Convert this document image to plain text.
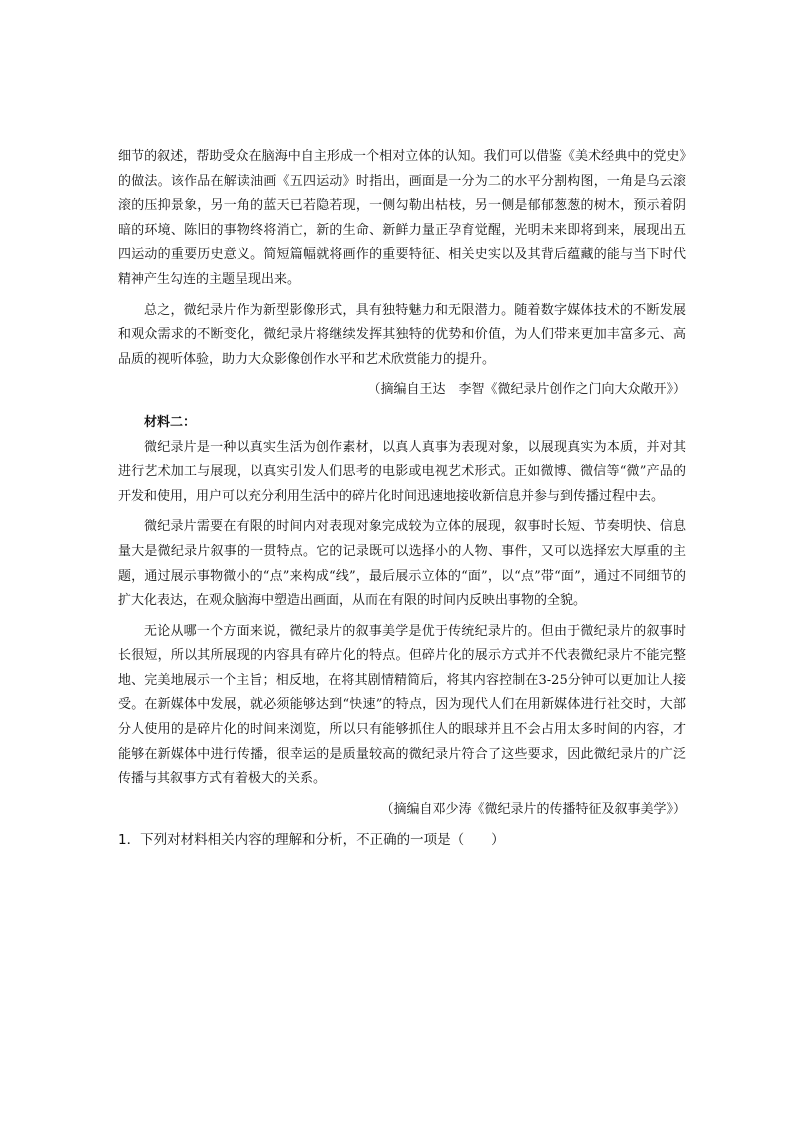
细节的叙述，帮助受众在脑海中自主形成一个相对立体的认知。我们可以借鉴《美术经典中的党史》的做法。该作品在解读油画《五四运动》时指出，画面是一分为二的水平分割构图，一角是乌云滚滚的压抑景象，另一角的蓝天已若隐若现，一侧勾勒出枯枝，另一侧是郁郁葱葱的树木，预示着阴暗的环境、陈旧的事物终将消亡，新的生命、新鲜力量正孕育觉醒，光明未来即将到来，展现出五四运动的重要历史意义。简短篇幅就将画作的重要特征、相关史实以及其背后蕴藏的能与当下时代精神产生勾连的主题呈现出来。

总之，微纪录片作为新型影像形式，具有独特魅力和无限潜力。随着数字媒体技术的不断发展和观众需求的不断变化，微纪录片将继续发挥其独特的优势和价值，为人们带来更加丰富多元、高品质的视听体验，助力大众影像创作水平和艺术欣赏能力的提升。

（摘编自王达　李智《微纪录片创作之门向大众敞开》）

材料二：

微纪录片是一种以真实生活为创作素材，以真人真事为表现对象，以展现真实为本质，并对其进行艺术加工与展现，以真实引发人们思考的电影或电视艺术形式。正如微博、微信等“微”产品的开发和使用，用户可以充分利用生活中的碎片化时间迅速地接收新信息并参与到传播过程中去。

微纪录片需要在有限的时间内对表现对象完成较为立体的展现，叙事时长短、节奏明快、信息量大是微纪录片叙事的一贯特点。它的记录既可以选择小的人物、事件，又可以选择宏大厚重的主题，通过展示事物微小的“点”来构成“线”，最后展示立体的“面”，以“点”带“面”，通过不同细节的扩大化表达，在观众脑海中塑造出画面，从而在有限的时间内反映出事物的全貌。

无论从哪一个方面来说，微纪录片的叙事美学是优于传统纪录片的。但由于微纪录片的叙事时长很短，所以其所展现的内容具有碎片化的特点。但碎片化的展示方式并不代表微纪录片不能完整地、完美地展示一个主旨；相反地，在将其剧情精简后，将其内容控制在3-25分钟可以更加让人接受。在新媒体中发展，就必须能够达到“快速”的特点，因为现代人们在用新媒体进行社交时，大部分人使用的是碎片化的时间来浏览，所以只有能够抓住人的眼球并且不会占用太多时间的内容，才能够在新媒体中进行传播，很幸运的是质量较高的微纪录片符合了这些要求，因此微纪录片的广泛传播与其叙事方式有着极大的关系。

（摘编自邓少涛《微纪录片的传播特征及叙事美学》）

1．下列对材料相关内容的理解和分析，不正确的一项是（　　）
